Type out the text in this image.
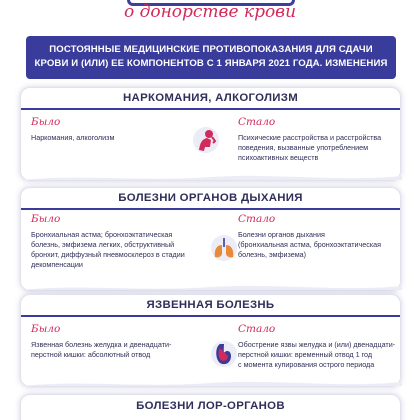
о донорстве крови
ПОСТОЯННЫЕ МЕДИЦИНСКИЕ ПРОТИВОПОКАЗАНИЯ ДЛЯ СДАЧИ
КРОВИ И (ИЛИ) ЕЕ КОМПОНЕНТОВ С 1 ЯНВАРЯ 2021 ГОДА. ИЗМЕНЕНИЯ
НАРКОМАНИЯ, АЛКОГОЛИЗМ
Было
Наркомания, алкоголизм
Стало
Психические расстройства и расстройства
поведения, вызванные употреблением
психоактивных веществ
БОЛЕЗНИ ОРГАНОВ ДЫХАНИЯ
Было
Бронхиальная астма; бронхоэктатическая
болезнь, эмфизема легких, обструктивный
бронхит, диффузный пневмосклероз в стадии
декомпенсации
Стало
Болезни органов дыхания
(бронхиальная астма, бронхоэктатическая
болезнь, эмфизема)
ЯЗВЕННАЯ БОЛЕЗНЬ
Было
Язвенная болезнь желудка и двенадцати-
перстной кишки: абсолютный отвод
Стало
Обострение язвы желудка и (или) двенадцати-
перстной кишки: временный отвод 1 год
с момента купирования острого периода
БОЛЕЗНИ ЛОР-ОРГАНОВ
